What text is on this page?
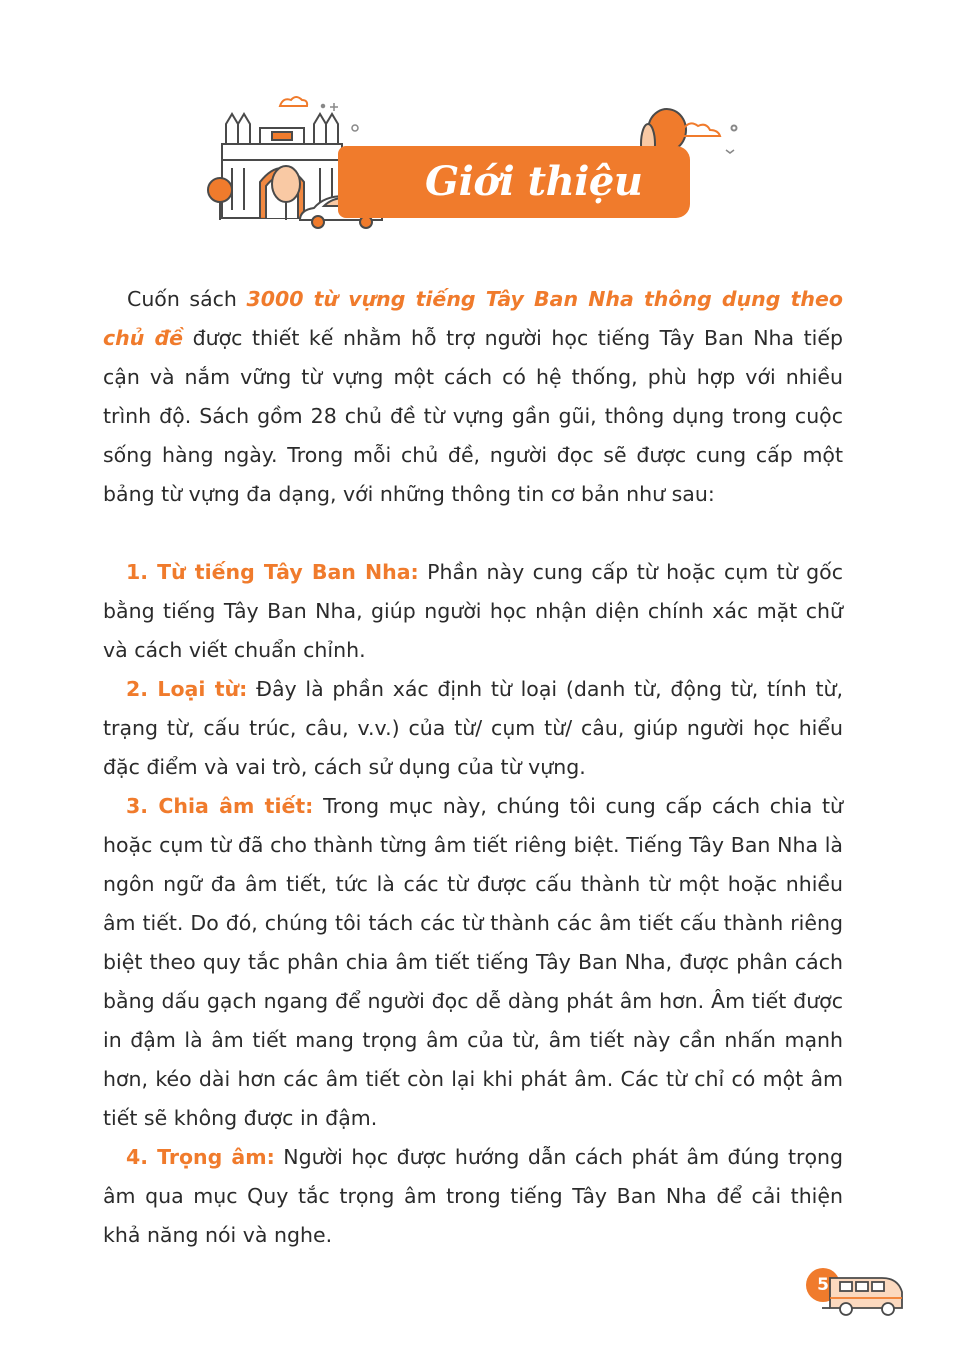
Giới thiệu

Cuốn sách 3000 từ vựng tiếng Tây Ban Nha thông dụng theo chủ đề được thiết kế nhằm hỗ trợ người học tiếng Tây Ban Nha tiếp cận và nắm vững từ vựng một cách có hệ thống, phù hợp với nhiều trình độ. Sách gồm 28 chủ đề từ vựng gần gũi, thông dụng trong cuộc sống hàng ngày. Trong mỗi chủ đề, người đọc sẽ được cung cấp một bảng từ vựng đa dạng, với những thông tin cơ bản như sau:

1. Từ tiếng Tây Ban Nha: Phần này cung cấp từ hoặc cụm từ gốc bằng tiếng Tây Ban Nha, giúp người học nhận diện chính xác mặt chữ và cách viết chuẩn chỉnh.

2. Loại từ: Đây là phần xác định từ loại (danh từ, động từ, tính từ, trạng từ, cấu trúc, câu, v.v.) của từ/ cụm từ/ câu, giúp người học hiểu đặc điểm và vai trò, cách sử dụng của từ vựng.

3. Chia âm tiết: Trong mục này, chúng tôi cung cấp cách chia từ hoặc cụm từ đã cho thành từng âm tiết riêng biệt. Tiếng Tây Ban Nha là ngôn ngữ đa âm tiết, tức là các từ được cấu thành từ một hoặc nhiều âm tiết. Do đó, chúng tôi tách các từ thành các âm tiết cấu thành riêng biệt theo quy tắc phân chia âm tiết tiếng Tây Ban Nha, được phân cách bằng dấu gạch ngang để người đọc dễ dàng phát âm hơn. Âm tiết được in đậm là âm tiết mang trọng âm của từ, âm tiết này cần nhấn mạnh hơn, kéo dài hơn các âm tiết còn lại khi phát âm. Các từ chỉ có một âm tiết sẽ không được in đậm.

4. Trọng âm: Người học được hướng dẫn cách phát âm đúng trọng âm qua mục Quy tắc trọng âm trong tiếng Tây Ban Nha để cải thiện khả năng nói và nghe.

5
